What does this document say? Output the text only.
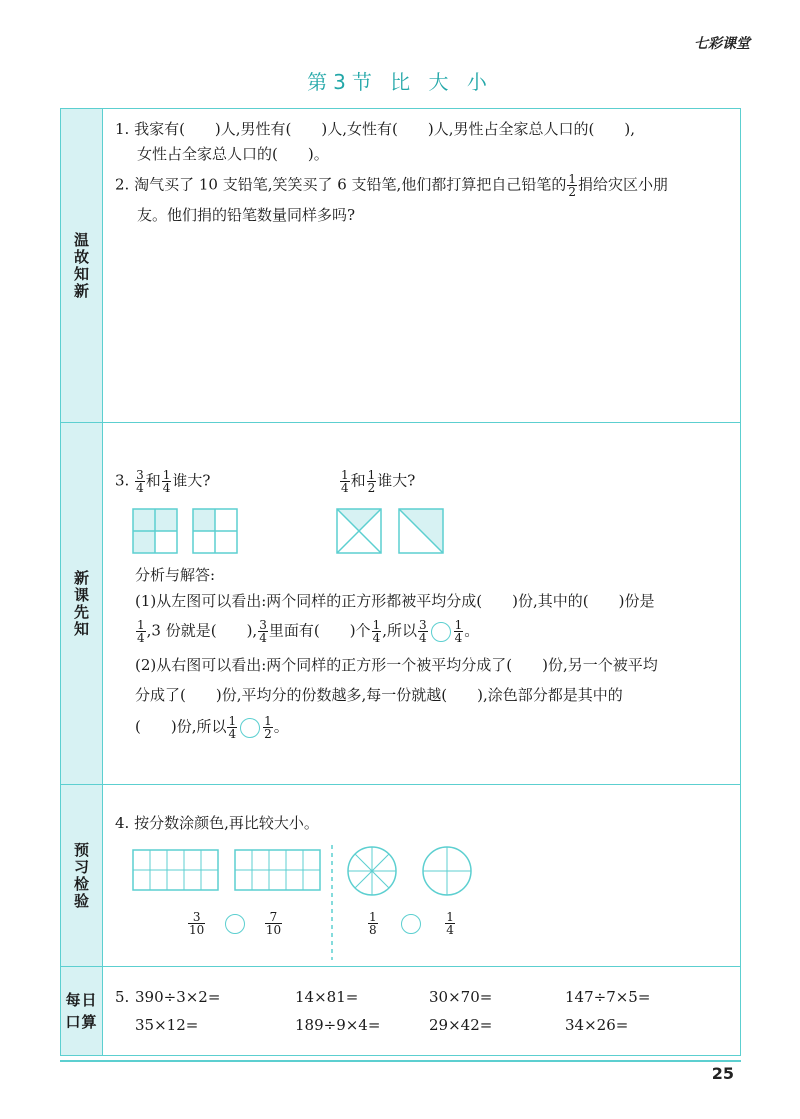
七彩课堂
第3节 比 大 小
温故知新
1. 我家有(　　)人,男性有(　　)人,女性有(　　)人,男性占全家总人口的(　　),
女性占全家总人口的(　　)。
2. 淘气买了 10 支铅笔,笑笑买了 6 支铅笔,他们都打算把自己铅笔的 $\frac{1}{2}$ 捐给灾区小朋
友。他们捐的铅笔数量同样多吗?
新课先知
3. $\frac{3}{4}$ 和 $\frac{1}{4}$ 谁大?	$\frac{1}{4}$ 和 $\frac{1}{2}$ 谁大?
分析与解答:
(1)从左图可以看出:两个同样的正方形都被平均分成(　　)份,其中的(　　)份是
$\frac{1}{4} ,3$ 份就是(　　), $\frac{3}{4}$ 里面有(　　)个 $\frac{1}{4}$ ,所以 $\frac{3}{4} \frac{1}{4}$ 。
(2)从右图可以看出:两个同样的正方形一个被平均分成了(　　)份,另一个被平均
分成了(　　)份,平均分的份数越多,每一份就越(　　),涂色部分都是其中的
(　　)份,所以 $\frac{1}{4} \frac{1}{2}$ 。
预习检验
4. 按分数涂颜色,再比较大小。
$\frac{3}{10}$
	$\frac{7}{10}$	$\frac{1}{8}$
	$\frac{1}{4}$
每日口算
5. 390÷3×2=	14×81=	30×70=	147÷7×5=
35×12=	189÷9×4=	29×42=	34×26=
25
